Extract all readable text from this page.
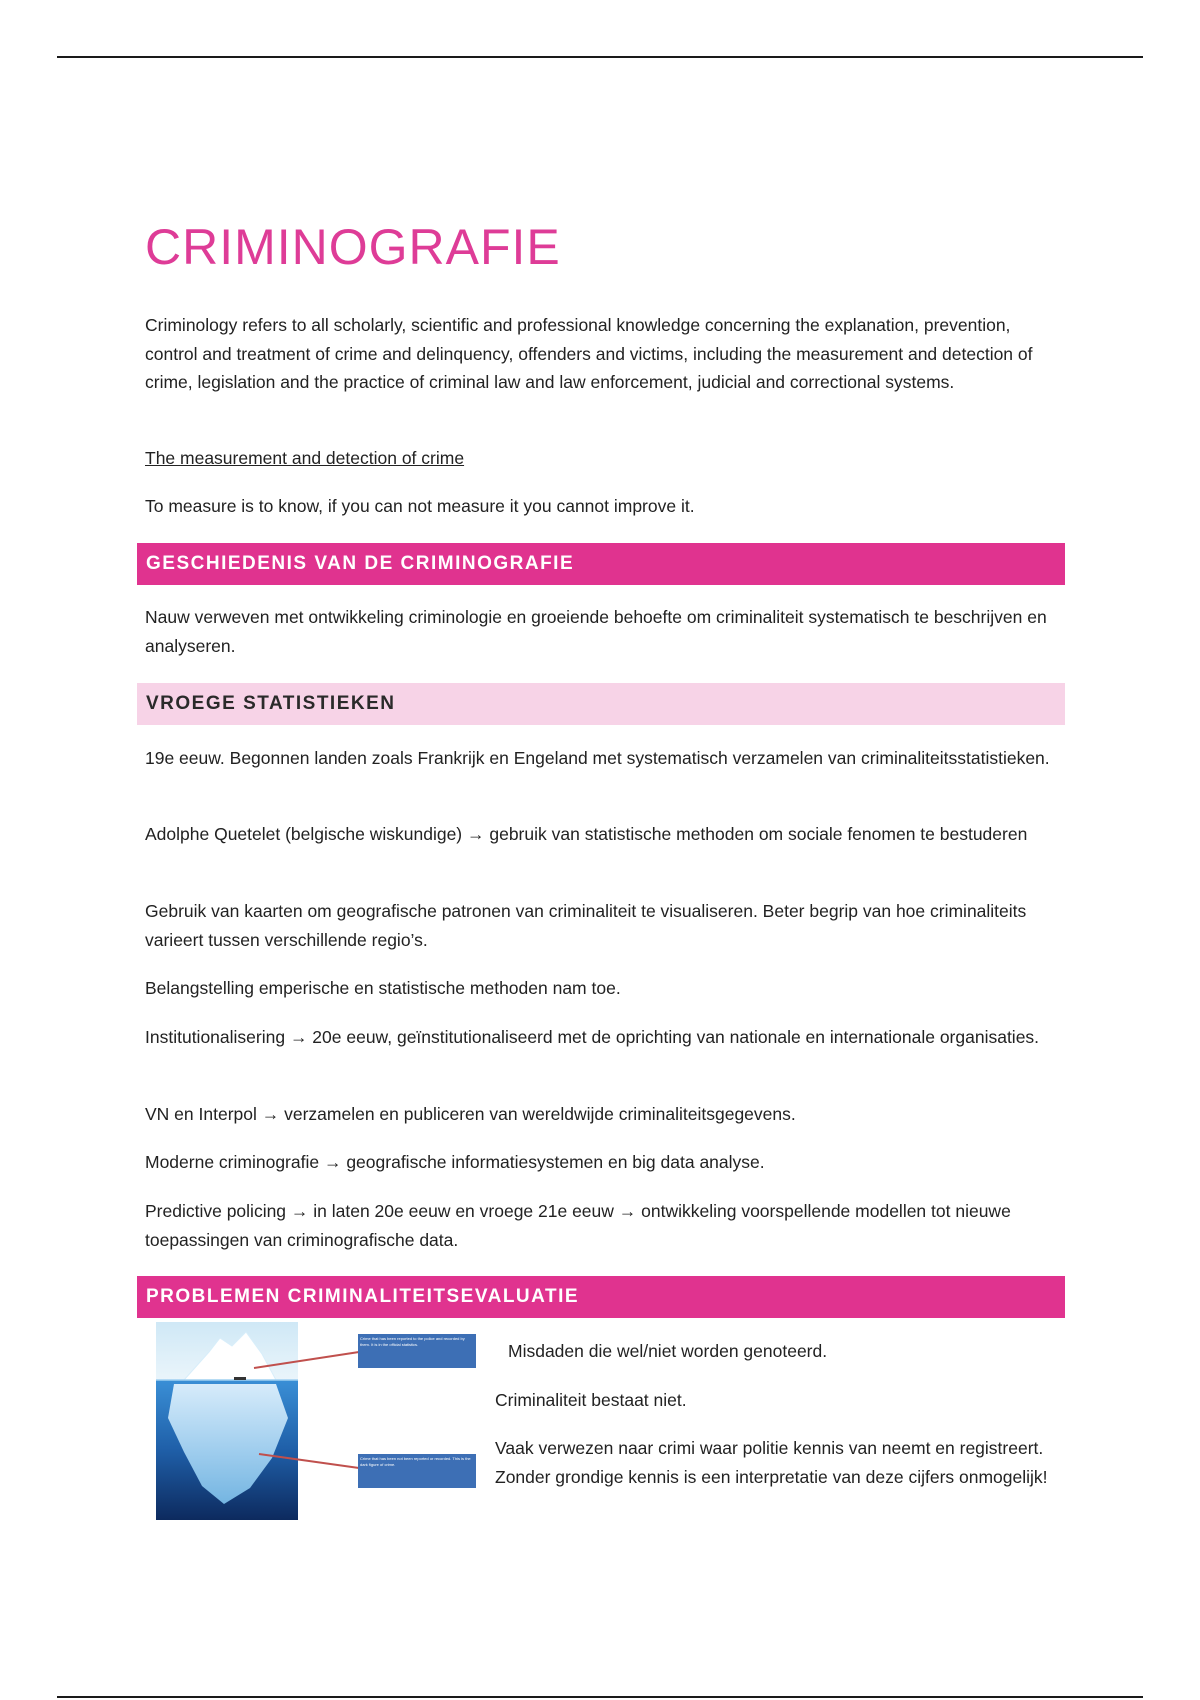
CRIMINOGRAFIE
Criminology refers to all scholarly, scientific and professional knowledge concerning the explanation, prevention, control and treatment of crime and delinquency, offenders and victims, including the measurement and detection of crime, legislation and the practice of criminal law and law enforcement, judicial and correctional systems.
The measurement and detection of crime
To measure is to know, if you can not measure it you cannot improve it.
GESCHIEDENIS VAN DE CRIMINOGRAFIE
Nauw verweven met ontwikkeling criminologie en groeiende behoefte om criminaliteit systematisch te beschrijven en analyseren.
VROEGE STATISTIEKEN
19e eeuw. Begonnen landen zoals Frankrijk en Engeland met systematisch verzamelen van criminaliteitsstatistieken.
Adolphe Quetelet (belgische wiskundige) → gebruik van statistische methoden om sociale fenomen te bestuderen
Gebruik van kaarten om geografische patronen van criminaliteit te visualiseren. Beter begrip van hoe criminaliteits varieert tussen verschillende regio’s.
Belangstelling emperische en statistische methoden nam toe.
Institutionalisering → 20e eeuw, geïnstitutionaliseerd met de oprichting van nationale en internationale organisaties.
VN en Interpol → verzamelen en publiceren van wereldwijde criminaliteitsgegevens.
Moderne criminografie → geografische informatiesystemen en big data analyse.
Predictive policing → in laten 20e eeuw en vroege 21e eeuw → ontwikkeling voorspellende modellen tot nieuwe toepassingen van criminografische data.
PROBLEMEN CRIMINALITEITSEVALUATIE
Crime that has been reported to the police and recorded by them. It is in the official statistics.
Crime that has been not been reported or recorded. This is the dark figure of crime.
Misdaden die wel/niet worden genoteerd.
Criminaliteit bestaat niet.
Vaak verwezen naar crimi waar politie kennis van neemt en registreert. Zonder grondige kennis is een interpretatie van deze cijfers onmogelijk!
